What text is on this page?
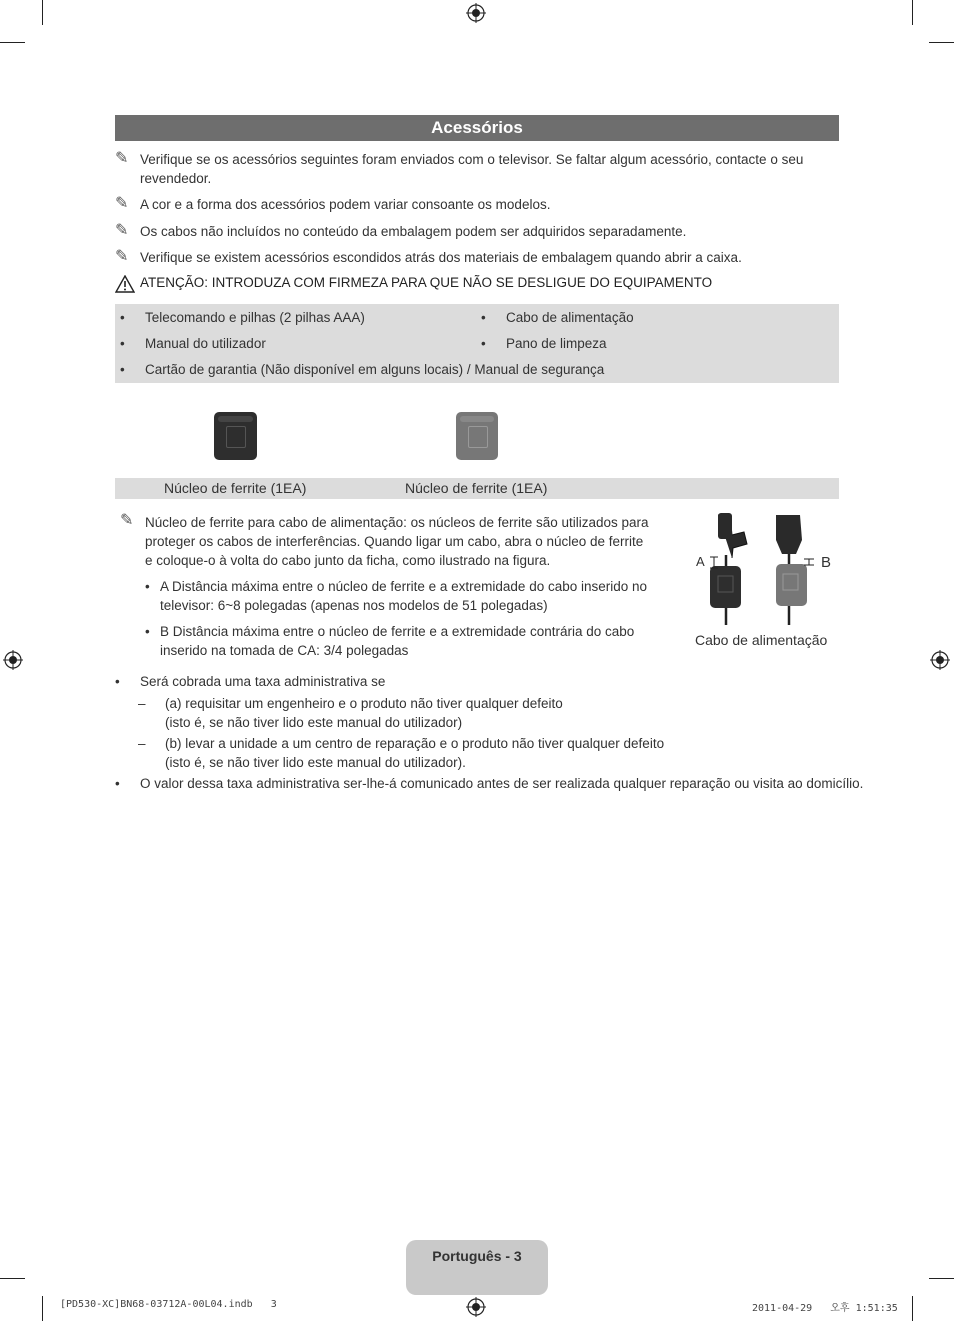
Acessórios
✎ Verifique se os acessórios seguintes foram enviados com o televisor. Se faltar algum acessório, contacte o seu revendedor.
✎ A cor e a forma dos acessórios podem variar consoante os modelos.
✎ Os cabos não incluídos no conteúdo da embalagem podem ser adquiridos separadamente.
✎ Verifique se existem acessórios escondidos atrás dos materiais de embalagem quando abrir a caixa.
ATENÇÃO: INTRODUZA COM FIRMEZA PARA QUE NÃO SE DESLIGUE DO EQUIPAMENTO
• Telecomando e pilhas (2 pilhas AAA)	• Cabo de alimentação
• Manual do utilizador	• Pano de limpeza
• Cartão de garantia (Não disponível em alguns locais) / Manual de segurança
Núcleo de ferrite (1EA)	Núcleo de ferrite (1EA)
✎ Núcleo de ferrite para cabo de alimentação: os núcleos de ferrite são utilizados para proteger os cabos de interferências. Quando ligar um cabo, abra o núcleo de ferrite e coloque-o à volta do cabo junto da ficha, como ilustrado na figura.
• A Distância máxima entre o núcleo de ferrite e a extremidade do cabo inserido no televisor: 6~8 polegadas (apenas nos modelos de 51 polegadas)
• B Distância máxima entre o núcleo de ferrite e a extremidade contrária do cabo inserido na tomada de CA: 3/4 polegadas
A	B
Cabo de alimentação
• Será cobrada uma taxa administrativa se
– (a) requisitar um engenheiro e o produto não tiver qualquer defeito
(isto é, se não tiver lido este manual do utilizador)
– (b) levar a unidade a um centro de reparação e o produto não tiver qualquer defeito
(isto é, se não tiver lido este manual do utilizador).
• O valor dessa taxa administrativa ser-lhe-á comunicado antes de ser realizada qualquer reparação ou visita ao domicílio.
Português - 3
[PD530-XC]BN68-03712A-00L04.indb   3	2011-04-29   오후 1:51:35
